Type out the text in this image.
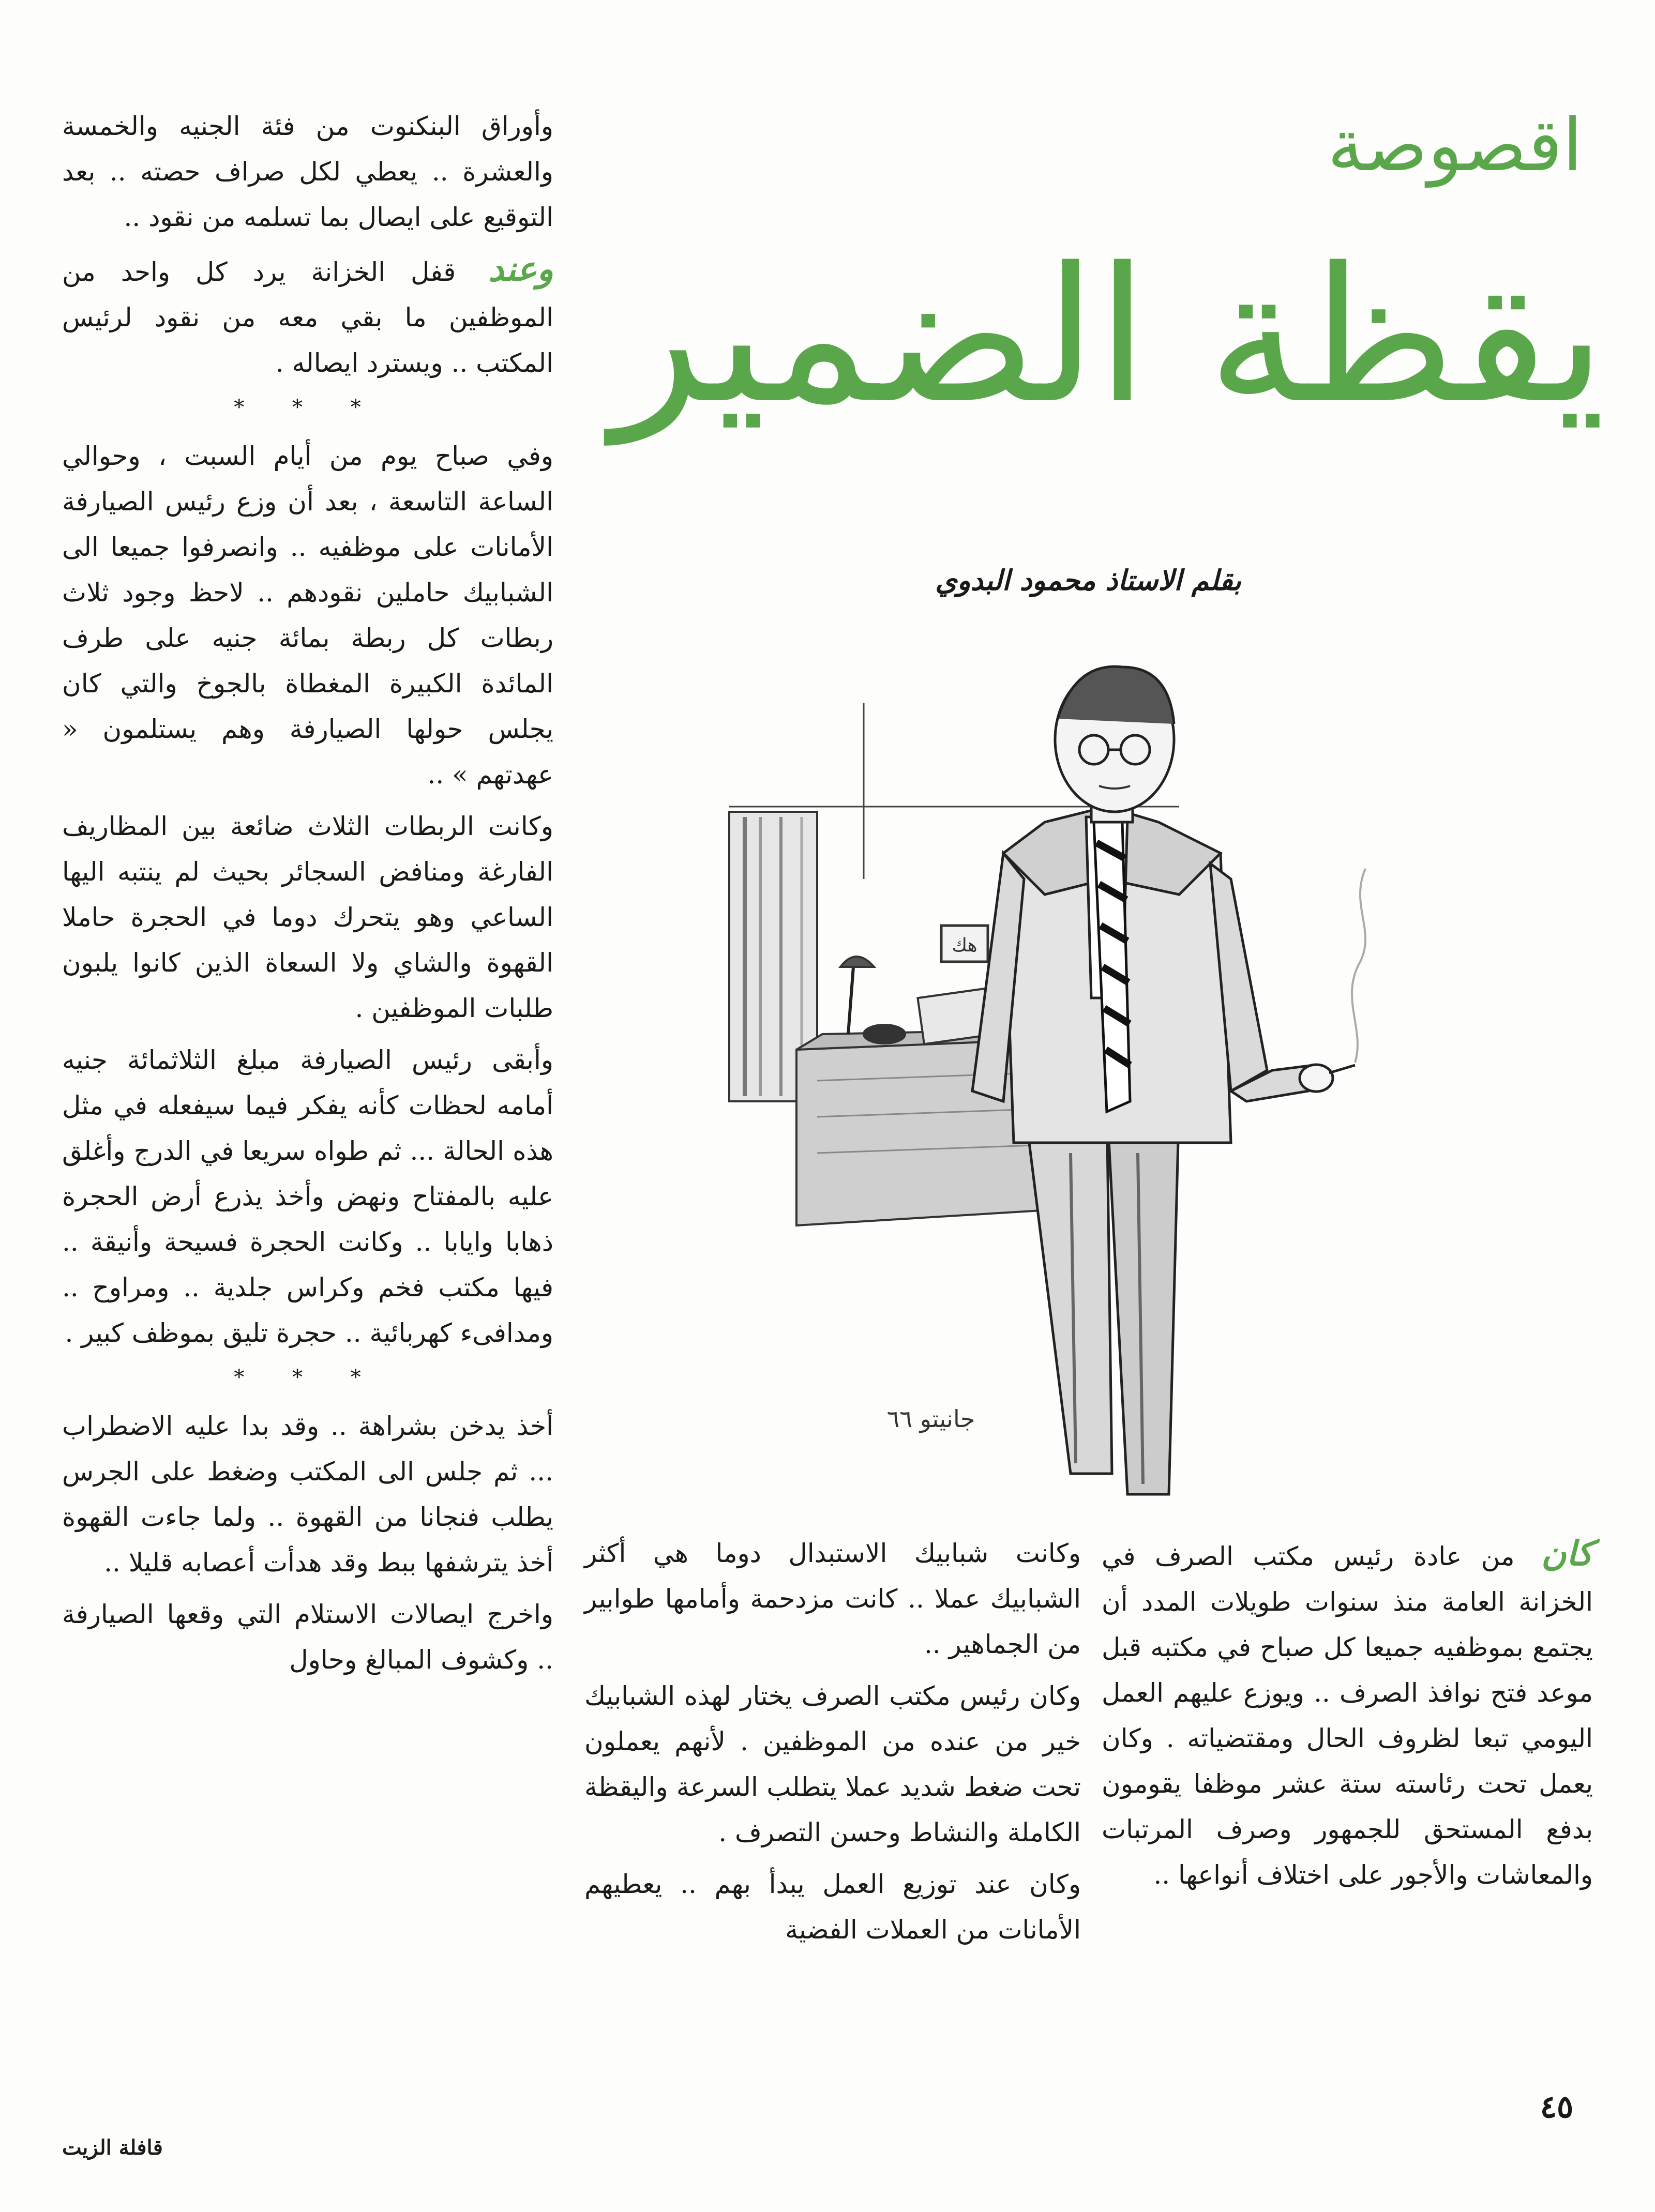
اقصوصة
يقظة الضمير
بقلم الاستاذ محمود البدوي
هك
جانيتو ٦٦

كان من عادة رئيس مكتب الصرف في الخزانة العامة منذ سنوات طويلات المدد أن يجتمع بموظفيه جميعا كل صباح في مكتبه قبل موعد فتح نوافذ الصرف .. ويوزع عليهم العمل اليومي تبعا لظروف الحال ومقتضياته . وكان يعمل تحت رئاسته ستة عشر موظفا يقومون بدفع المستحق للجمهور وصرف المرتبات والمعاشات والأجور على اختلاف أنواعها ..

وكانت شبابيك الاستبدال دوما هي أكثر الشبابيك عملا .. كانت مزدحمة وأمامها طوابير من الجماهير ..

وكان رئيس مكتب الصرف يختار لهذه الشبابيك خير من عنده من الموظفين . لأنهم يعملون تحت ضغط شديد عملا يتطلب السرعة واليقظة الكاملة والنشاط وحسن التصرف .

وكان عند توزيع العمل يبدأ بهم .. يعطيهم الأمانات من العملات الفضية

وأوراق البنكنوت من فئة الجنيه والخمسة والعشرة .. يعطي لكل صراف حصته .. بعد التوقيع على ايصال بما تسلمه من نقود ..

وعند قفل الخزانة يرد كل واحد من الموظفين ما بقي معه من نقود لرئيس المكتب .. ويسترد ايصاله .

* * *

وفي صباح يوم من أيام السبت ، وحوالي الساعة التاسعة ، بعد أن وزع رئيس الصيارفة الأمانات على موظفيه .. وانصرفوا جميعا الى الشبابيك حاملين نقودهم .. لاحظ وجود ثلاث ربطات كل ربطة بمائة جنيه على طرف المائدة الكبيرة المغطاة بالجوخ والتي كان يجلس حولها الصيارفة وهم يستلمون « عهدتهم » ..

وكانت الربطات الثلاث ضائعة بين المظاريف الفارغة ومنافض السجائر بحيث لم ينتبه اليها الساعي وهو يتحرك دوما في الحجرة حاملا القهوة والشاي ولا السعاة الذين كانوا يلبون طلبات الموظفين .

وأبقى رئيس الصيارفة مبلغ الثلاثمائة جنيه أمامه لحظات كأنه يفكر فيما سيفعله في مثل هذه الحالة ... ثم طواه سريعا في الدرج وأغلق عليه بالمفتاح ونهض وأخذ يذرع أرض الحجرة ذهابا وايابا .. وكانت الحجرة فسيحة وأنيقة .. فيها مكتب فخم وكراس جلدية .. ومراوح .. ومدافىء كهربائية .. حجرة تليق بموظف كبير .

* * *

أخذ يدخن بشراهة .. وقد بدا عليه الاضطراب ... ثم جلس الى المكتب وضغط على الجرس يطلب فنجانا من القهوة .. ولما جاءت القهوة أخذ يترشفها ببط وقد هدأت أعصابه قليلا ..

واخرج ايصالات الاستلام التي وقعها الصيارفة .. وكشوف المبالغ وحاول

٤٥
قافلة الزيت
